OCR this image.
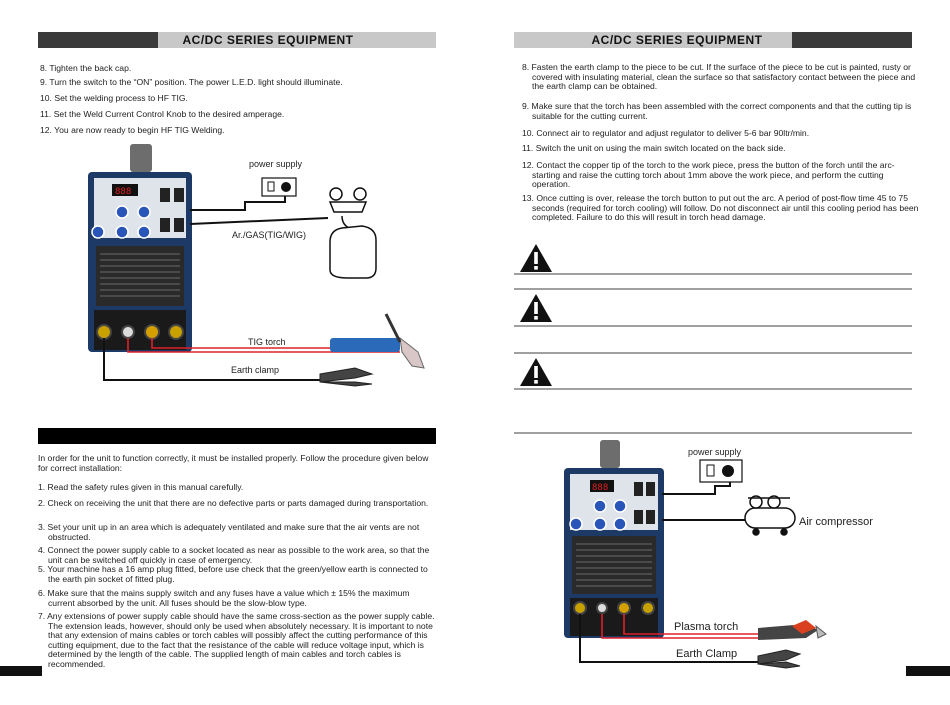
AC/DC SERIES EQUIPMENT
8. Tighten the back cap.
9. Turn the switch to the “ON” position. The power L.E.D. light should illuminate.
10. Set the welding process to HF TIG.
11. Set the Weld Current Control Knob to the desired amperage.
12. You are now ready to begin HF TIG Welding.
888
power supply
Ar./GAS(TIG/WIG)
TIG torch
Earth clamp
In order for the unit to function correctly, it must be installed properly. Follow the procedure given below for correct installation:
1. Read the safety rules given in this manual carefully.
2. Check on receiving the unit that there are no defective parts or parts damaged during transportation.
3. Set your unit up in an area which is adequately ventilated and make sure that the air vents are not obstructed.
4. Connect the power supply cable to a socket located as near as possible to the work area, so that the unit can be switched off quickly in case of emergency.
5. Your machine has a 16 amp plug fitted, before use check that the green/yellow earth is connected to the earth pin socket of fitted plug.
6. Make sure that the mains supply switch and any fuses have a value which ± 15% the maximum current absorbed by the unit. All fuses should be the slow-blow type.
7. Any extensions of power supply cable should have the same cross-section as the power supply cable. The extension leads, however, should only be used when absolutely necessary. It is important to note that any extension of mains cables or torch cables will possibly affect the cutting performance of this cutting equipment, due to the fact that the resistance of the cable will reduce voltage input, which is determined by the length of the cable. The supplied length of main cables and torch cables is recommended.
AC/DC SERIES EQUIPMENT
8. Fasten the earth clamp to the piece to be cut. If the surface of the piece to be cut is painted, rusty or covered with insulating material, clean the surface so that satisfactory contact between the piece and the earth clamp can be obtained.
9. Make sure that the torch has been assembled with the correct components and that the cutting tip is suitable for the cutting current.
10. Connect air to regulator and adjust regulator to deliver 5-6 bar 90ltr/min.
11. Switch the unit on using the main switch located on the back side.
12. Contact the copper tip of the torch to the work piece, press the button of the forch until the arc-starting and raise the cutting torch about 1mm above the work piece, and perform the cutting operation.
13. Once cutting is over, release the torch button to put out the arc. A period of post-flow time 45 to 75 seconds (required for torch cooling) will follow. Do not disconnect air until this cooling period has been completed. Failure to do this will result in torch head damage.
888
power supply
Air compressor
Plasma torch
Earth Clamp
